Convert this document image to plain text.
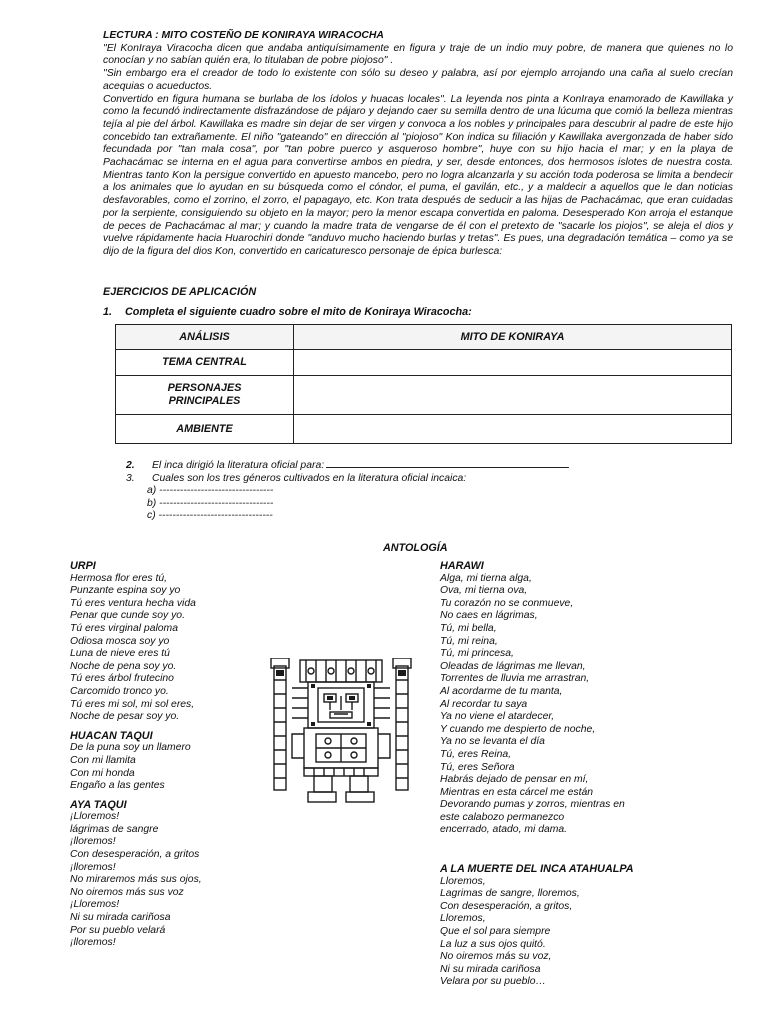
LECTURA : MITO COSTEÑO DE KONIRAYA WIRACOCHA

"El KonIraya Viracocha dicen que andaba antiquísimamente en figura y traje de un indio muy pobre, de manera que quienes no lo conocían y no sabían quién era, lo titulaban de pobre piojoso" .

"Sin embargo era el creador de todo lo existente con sólo su deseo y palabra, así por ejemplo arrojando una caña al suelo crecían acequias o acueductos.

Convertido en figura humana se burlaba de los ídolos y huacas locales". La leyenda nos pinta a KonIraya enamorado de Kawillaka y como la fecundó indirectamente disfrazándose de pájaro y dejando caer su semilla dentro de una lúcuma que comió la belleza mientras tejía al pie del árbol. Kawillaka es madre sin dejar de ser virgen y convoca a los nobles y principales para descubrir al padre de este hijo concebido tan extrañamente. El niño "gateando" en dirección al "piojoso" Kon indica su filiación y Kawillaka avergonzada de haber sido fecundada por "tan mala cosa", por "tan pobre puerco y asqueroso hombre", huye con su hijo hacia el mar; y en la playa de Pachacámac se interna en el agua para convertirse ambos en piedra, y ser, desde entonces, dos hermosos islotes de nuestra costa. Mientras tanto Kon la persigue convertido en apuesto mancebo, pero no logra alcanzarla y su acción toda poderosa se limita a bendecir a los animales que lo ayudan en su búsqueda como el cóndor, el puma, el gavilán, etc., y a maldecir a aquellos que le dan noticias desfavorables, como el zorrino, el zorro, el papagayo, etc. Kon trata después de seducir a las hijas de Pachacámac, que eran cuidadas por la serpiente, consiguiendo su objeto en la mayor; pero la menor escapa convertida en paloma. Desesperado Kon arroja el estanque de peces de Pachacámac al mar; y cuando la madre trata de vengarse de él con el pretexto de "sacarle los piojos", se aleja el dios y vuelve rápidamente hacia Huarochiri donde "anduvo mucho haciendo burlas y tretas". Es pues, una degradación temática – como ya se dijo de la figura del dios Kon, convertido en caricaturesco personaje de épica burlesca:

EJERCICIOS DE APLICACIÓN
1. Completa el siguiente cuadro sobre el mito de Koniraya Wiracocha:
ANÁLISIS	MITO DE KONIRAYA
TEMA CENTRAL	

PERSONAJES
PRINCIPALES	

AMBIENTE	
2. El inca dirigió la literatura oficial para:
3. Cuales son los tres géneros cultivados en la literatura oficial incaica:
a) ---------------------------------
b) ---------------------------------
c) ---------------------------------
ANTOLOGÍA
URPI
Hermosa flor eres tú,
Punzante espina soy yo
Tú eres ventura hecha vida
Penar que cunde soy yo.
Tú eres virginal paloma
Odiosa mosca soy yo
Luna de nieve eres tú
Noche de pena soy yo.
Tú eres árbol frutecino
Carcomido tronco yo.
Tú eres mi sol, mi sol eres,
Noche de pesar soy yo.
HUACAN TAQUI
De la puna soy un llamero
Con mi llamita
Con mi honda
Engaño a las gentes
AYA TAQUI
¡Lloremos!
lágrimas de sangre
¡lloremos!
Con desesperación, a gritos
¡lloremos!
No miraremos más sus ojos,
No oiremos más sus voz
¡Lloremos!
Ni su mirada cariñosa
Por su pueblo velará
¡lloremos!
HARAWI
Alga, mi tierna alga,
Ova, mi tierna ova,
Tu corazón no se conmueve,
No caes en lágrimas,
Tú, mi bella,
Tú, mi reina,
Tú, mi princesa,
Oleadas de lágrimas me llevan,
Torrentes de lluvia me arrastran,
Al acordarme de tu manta,
Al recordar tu saya
Ya no viene el atardecer,
Y cuando me despierto de noche,
Ya no se levanta el día
Tú, eres Reina,
Tú, eres Señora
Habrás dejado de pensar en mí,
Mientras en esta cárcel me están
Devorando pumas y zorros, mientras en
este calabozo permanezco
encerrado, atado, mi dama.
A LA MUERTE DEL INCA ATAHUALPA
Lloremos,
Lagrimas de sangre, lloremos,
Con desesperación, a gritos,
Lloremos,
Que el sol para siempre
La luz a sus ojos quitó.
No oiremos más su voz,
Ni su mirada cariñosa
Velara por su pueblo…
